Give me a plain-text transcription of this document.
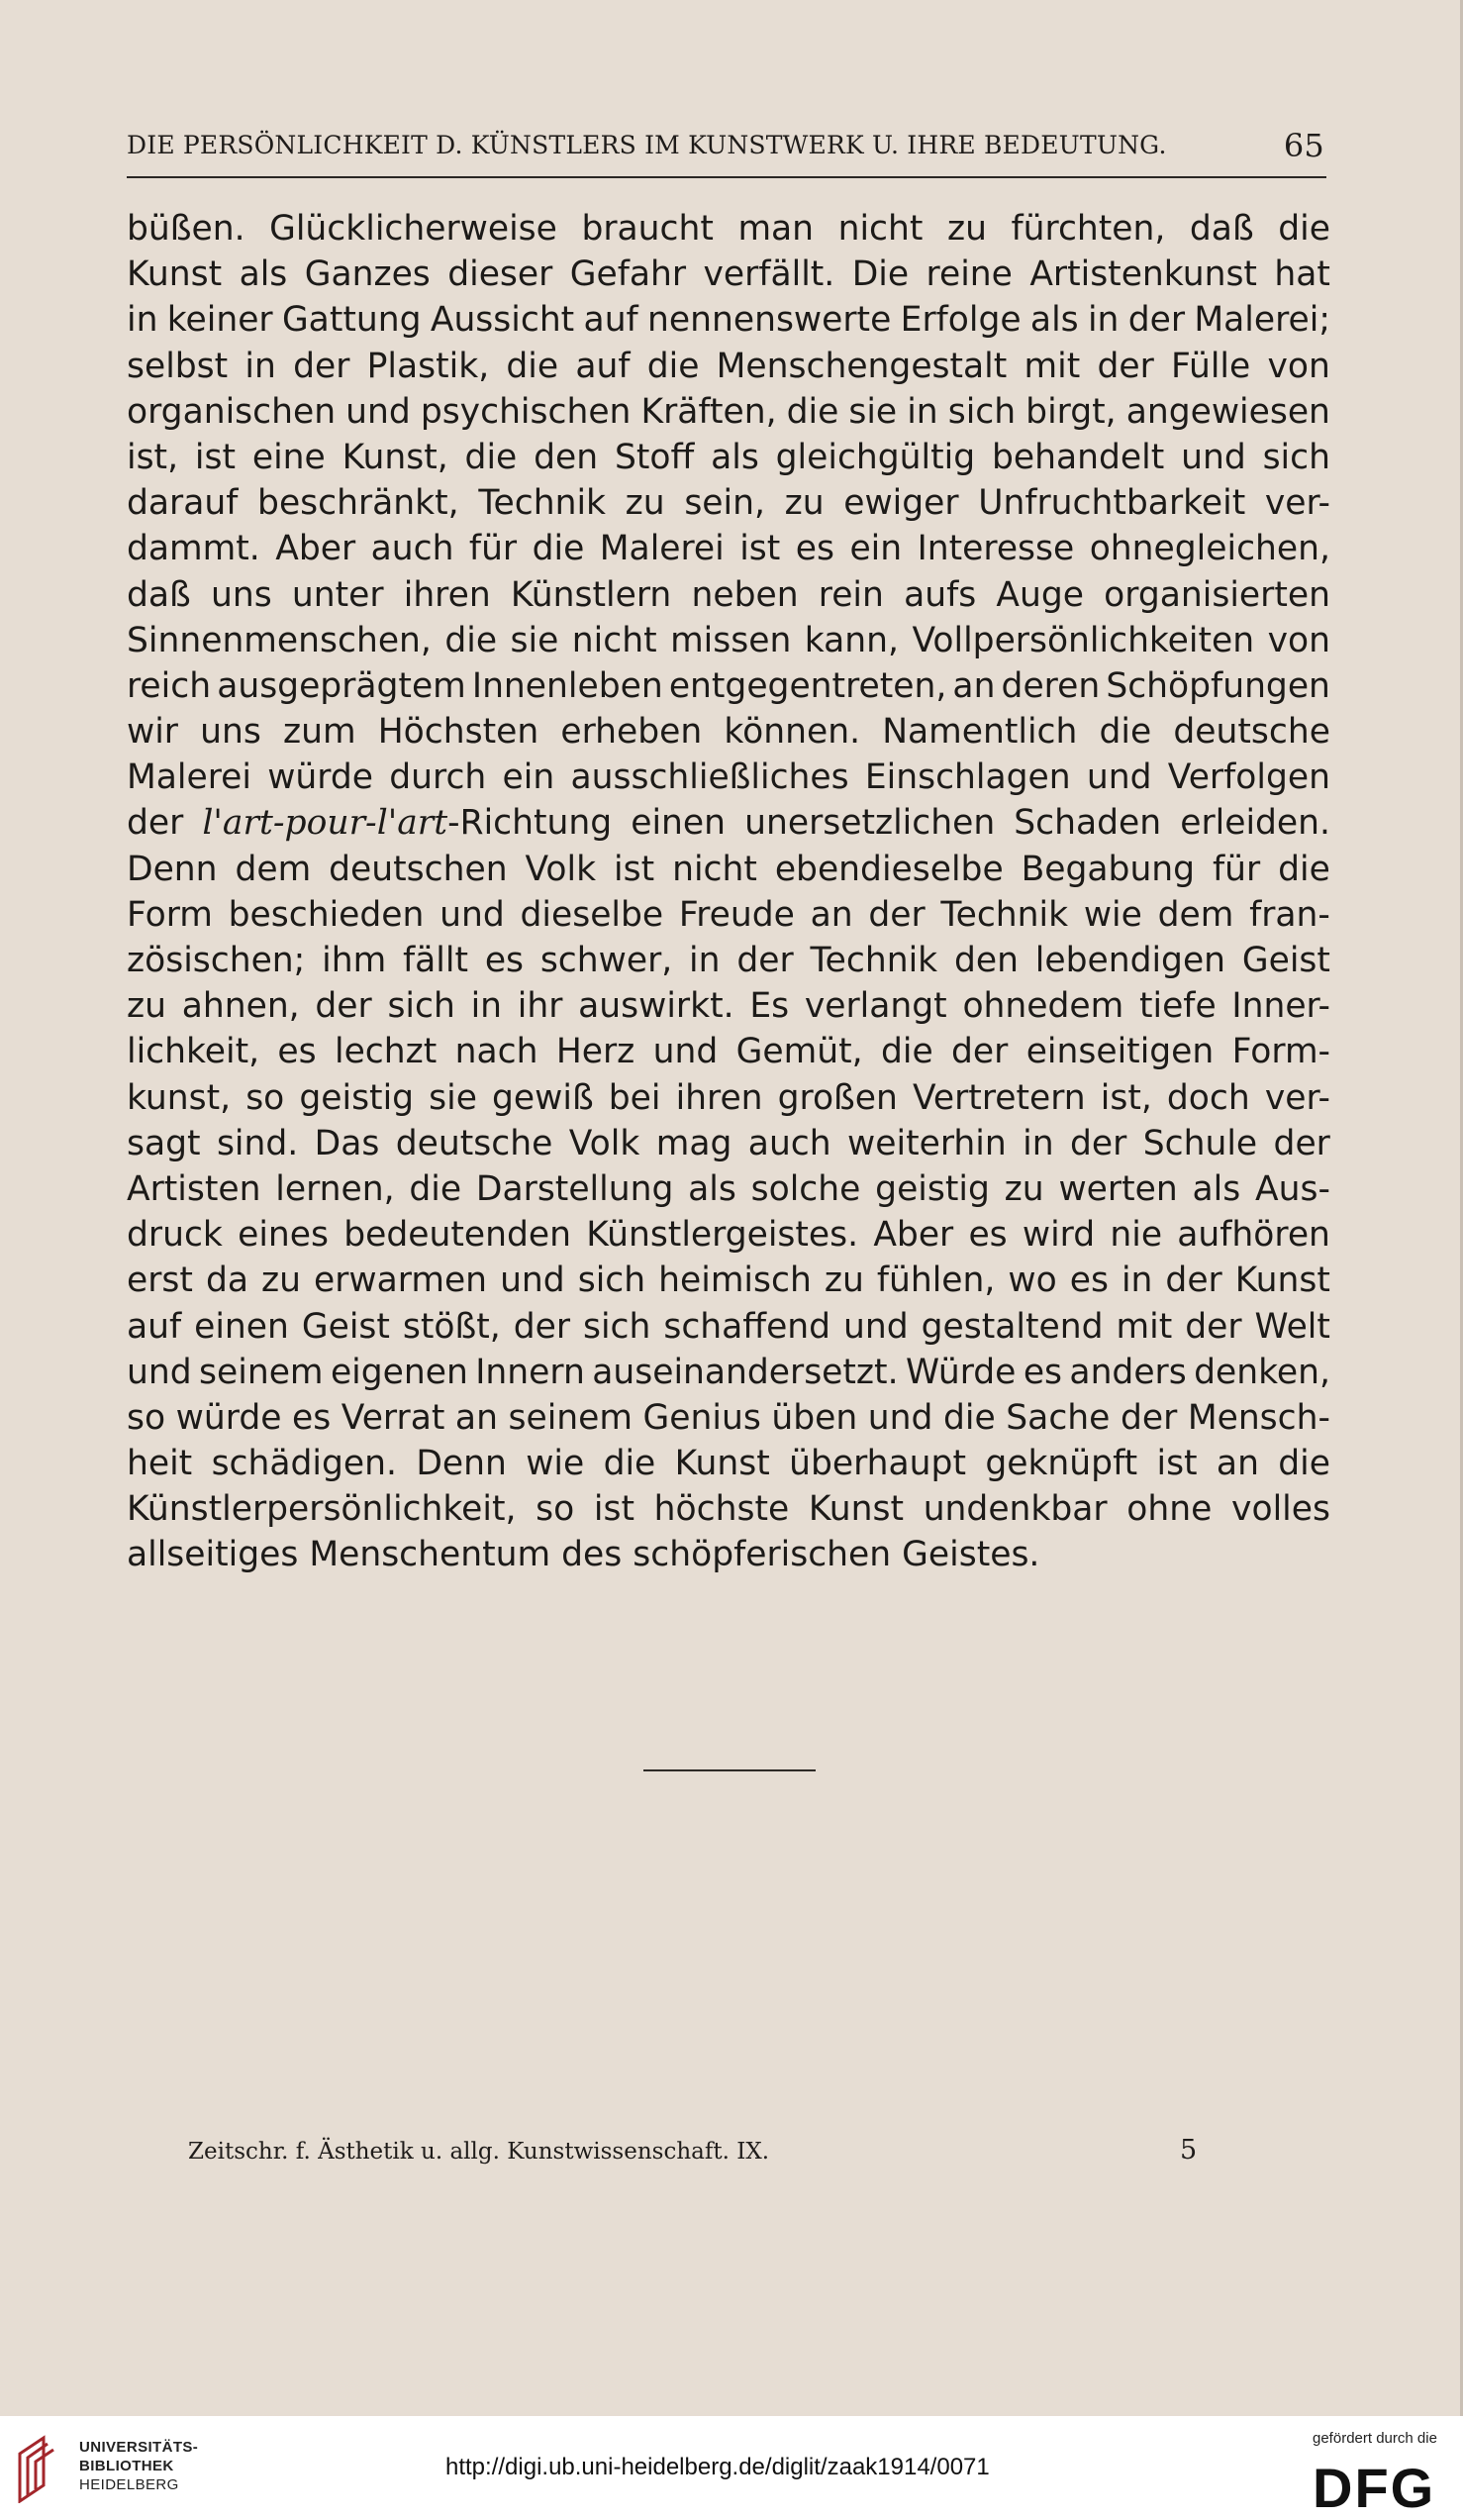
DIE PERSÖNLICHKEIT D. KÜNSTLERS IM KUNSTWERK U. IHRE BEDEUTUNG.	65
büßen. Glücklicherweise braucht man nicht zu fürchten, daß die
Kunst als Ganzes dieser Gefahr verfällt. Die reine Artistenkunst hat
in keiner Gattung Aussicht auf nennenswerte Erfolge als in der Malerei;
selbst in der Plastik, die auf die Menschengestalt mit der Fülle von
organischen und psychischen Kräften, die sie in sich birgt, angewiesen
ist, ist eine Kunst, die den Stoff als gleichgültig behandelt und sich
darauf beschränkt, Technik zu sein, zu ewiger Unfruchtbarkeit ver-
dammt. Aber auch für die Malerei ist es ein Interesse ohnegleichen,
daß uns unter ihren Künstlern neben rein aufs Auge organisierten
Sinnenmenschen, die sie nicht missen kann, Vollpersönlichkeiten von
reich ausgeprägtem Innenleben entgegentreten, an deren Schöpfungen
wir uns zum Höchsten erheben können. Namentlich die deutsche
Malerei würde durch ein ausschließliches Einschlagen und Verfolgen
der l'art-pour-l'art-Richtung einen unersetzlichen Schaden erleiden.
Denn dem deutschen Volk ist nicht ebendieselbe Begabung für die
Form beschieden und dieselbe Freude an der Technik wie dem fran-
zösischen; ihm fällt es schwer, in der Technik den lebendigen Geist
zu ahnen, der sich in ihr auswirkt. Es verlangt ohnedem tiefe Inner-
lichkeit, es lechzt nach Herz und Gemüt, die der einseitigen Form-
kunst, so geistig sie gewiß bei ihren großen Vertretern ist, doch ver-
sagt sind. Das deutsche Volk mag auch weiterhin in der Schule der
Artisten lernen, die Darstellung als solche geistig zu werten als Aus-
druck eines bedeutenden Künstlergeistes. Aber es wird nie aufhören
erst da zu erwarmen und sich heimisch zu fühlen, wo es in der Kunst
auf einen Geist stößt, der sich schaffend und gestaltend mit der Welt
und seinem eigenen Innern auseinandersetzt. Würde es anders denken,
so würde es Verrat an seinem Genius üben und die Sache der Mensch-
heit schädigen. Denn wie die Kunst überhaupt geknüpft ist an die
Künstlerpersönlichkeit, so ist höchste Kunst undenkbar ohne volles
allseitiges Menschentum des schöpferischen Geistes.
Zeitschr. f. Ästhetik u. allg. Kunstwissenschaft. IX.	5
UNIVERSITÄTS-
BIBLIOTHEK
HEIDELBERG
http://digi.ub.uni-heidelberg.de/diglit/zaak1914/0071
gefördert durch die
DFG
